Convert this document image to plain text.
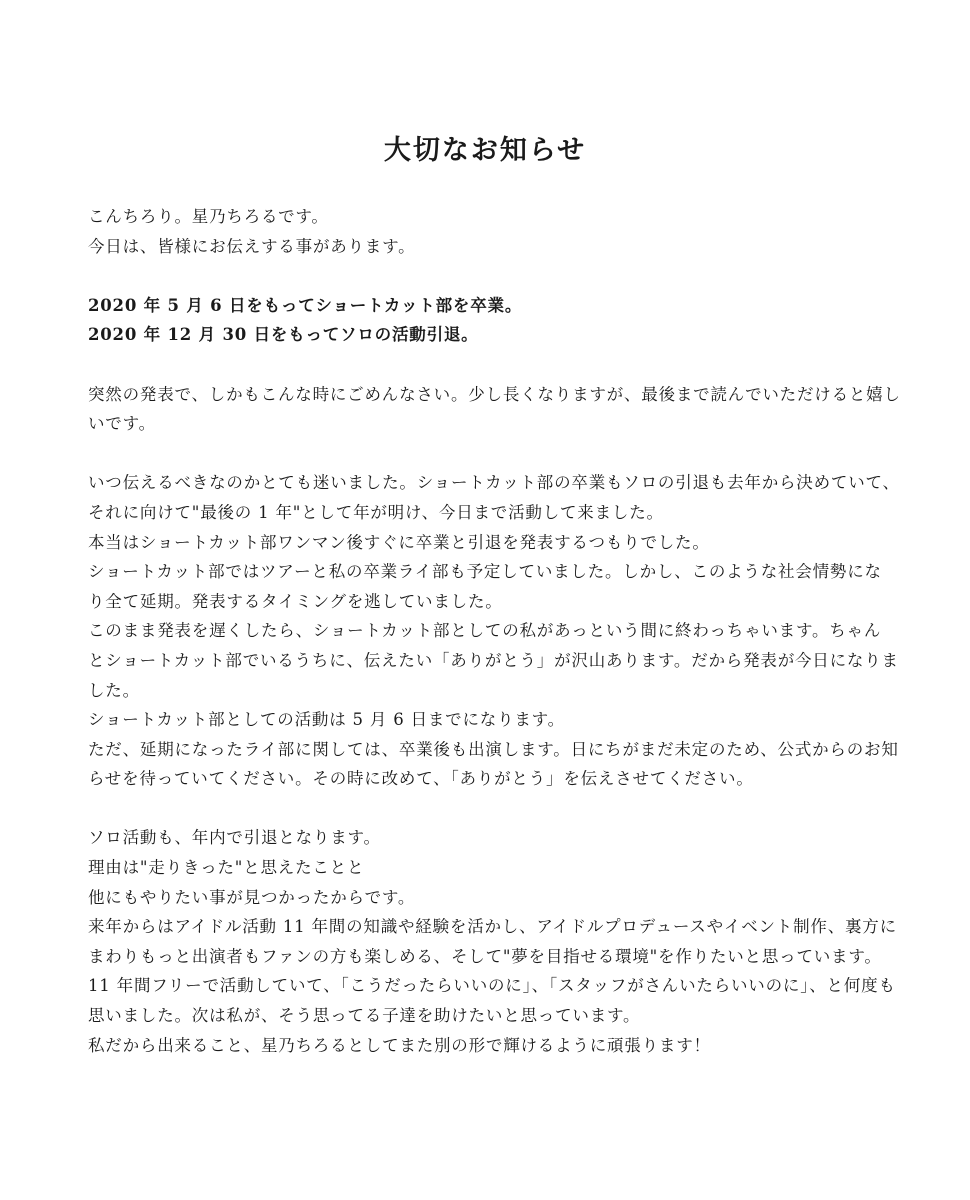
大切なお知らせ

こんちろり。星乃ちろるです。
今日は、皆様にお伝えする事があります。

2020 年 5 月 6 日をもってショートカット部を卒業。
2020 年 12 月 30 日をもってソロの活動引退。

突然の発表で、しかもこんな時にごめんなさい。少し長くなりますが、最後まで読んでいただけると嬉し
いです。

いつ伝えるべきなのかとても迷いました。ショートカット部の卒業もソロの引退も去年から決めていて、
それに向けて"最後の 1 年"として年が明け、今日まで活動して来ました。
本当はショートカット部ワンマン後すぐに卒業と引退を発表するつもりでした。
ショートカット部ではツアーと私の卒業ライ部も予定していました。しかし、このような社会情勢にな
り全て延期。発表するタイミングを逃していました。
このまま発表を遅くしたら、ショートカット部としての私があっという間に終わっちゃいます。ちゃん
とショートカット部でいるうちに、伝えたい「ありがとう」が沢山あります。だから発表が今日になりま
した。
ショートカット部としての活動は 5 月 6 日までになります。
ただ、延期になったライ部に関しては、卒業後も出演します。日にちがまだ未定のため、公式からのお知
らせを待っていてください。その時に改めて、「ありがとう」を伝えさせてください。

ソロ活動も、年内で引退となります。
理由は"走りきった"と思えたことと
他にもやりたい事が見つかったからです。
来年からはアイドル活動 11 年間の知識や経験を活かし、アイドルプロデュースやイベント制作、裏方に
まわりもっと出演者もファンの方も楽しめる、そして"夢を目指せる環境"を作りたいと思っています。
11 年間フリーで活動していて、「こうだったらいいのに」、「スタッフがさんいたらいいのに」、と何度も
思いました。次は私が、そう思ってる子達を助けたいと思っています。
私だから出来ること、星乃ちろるとしてまた別の形で輝けるように頑張ります！
